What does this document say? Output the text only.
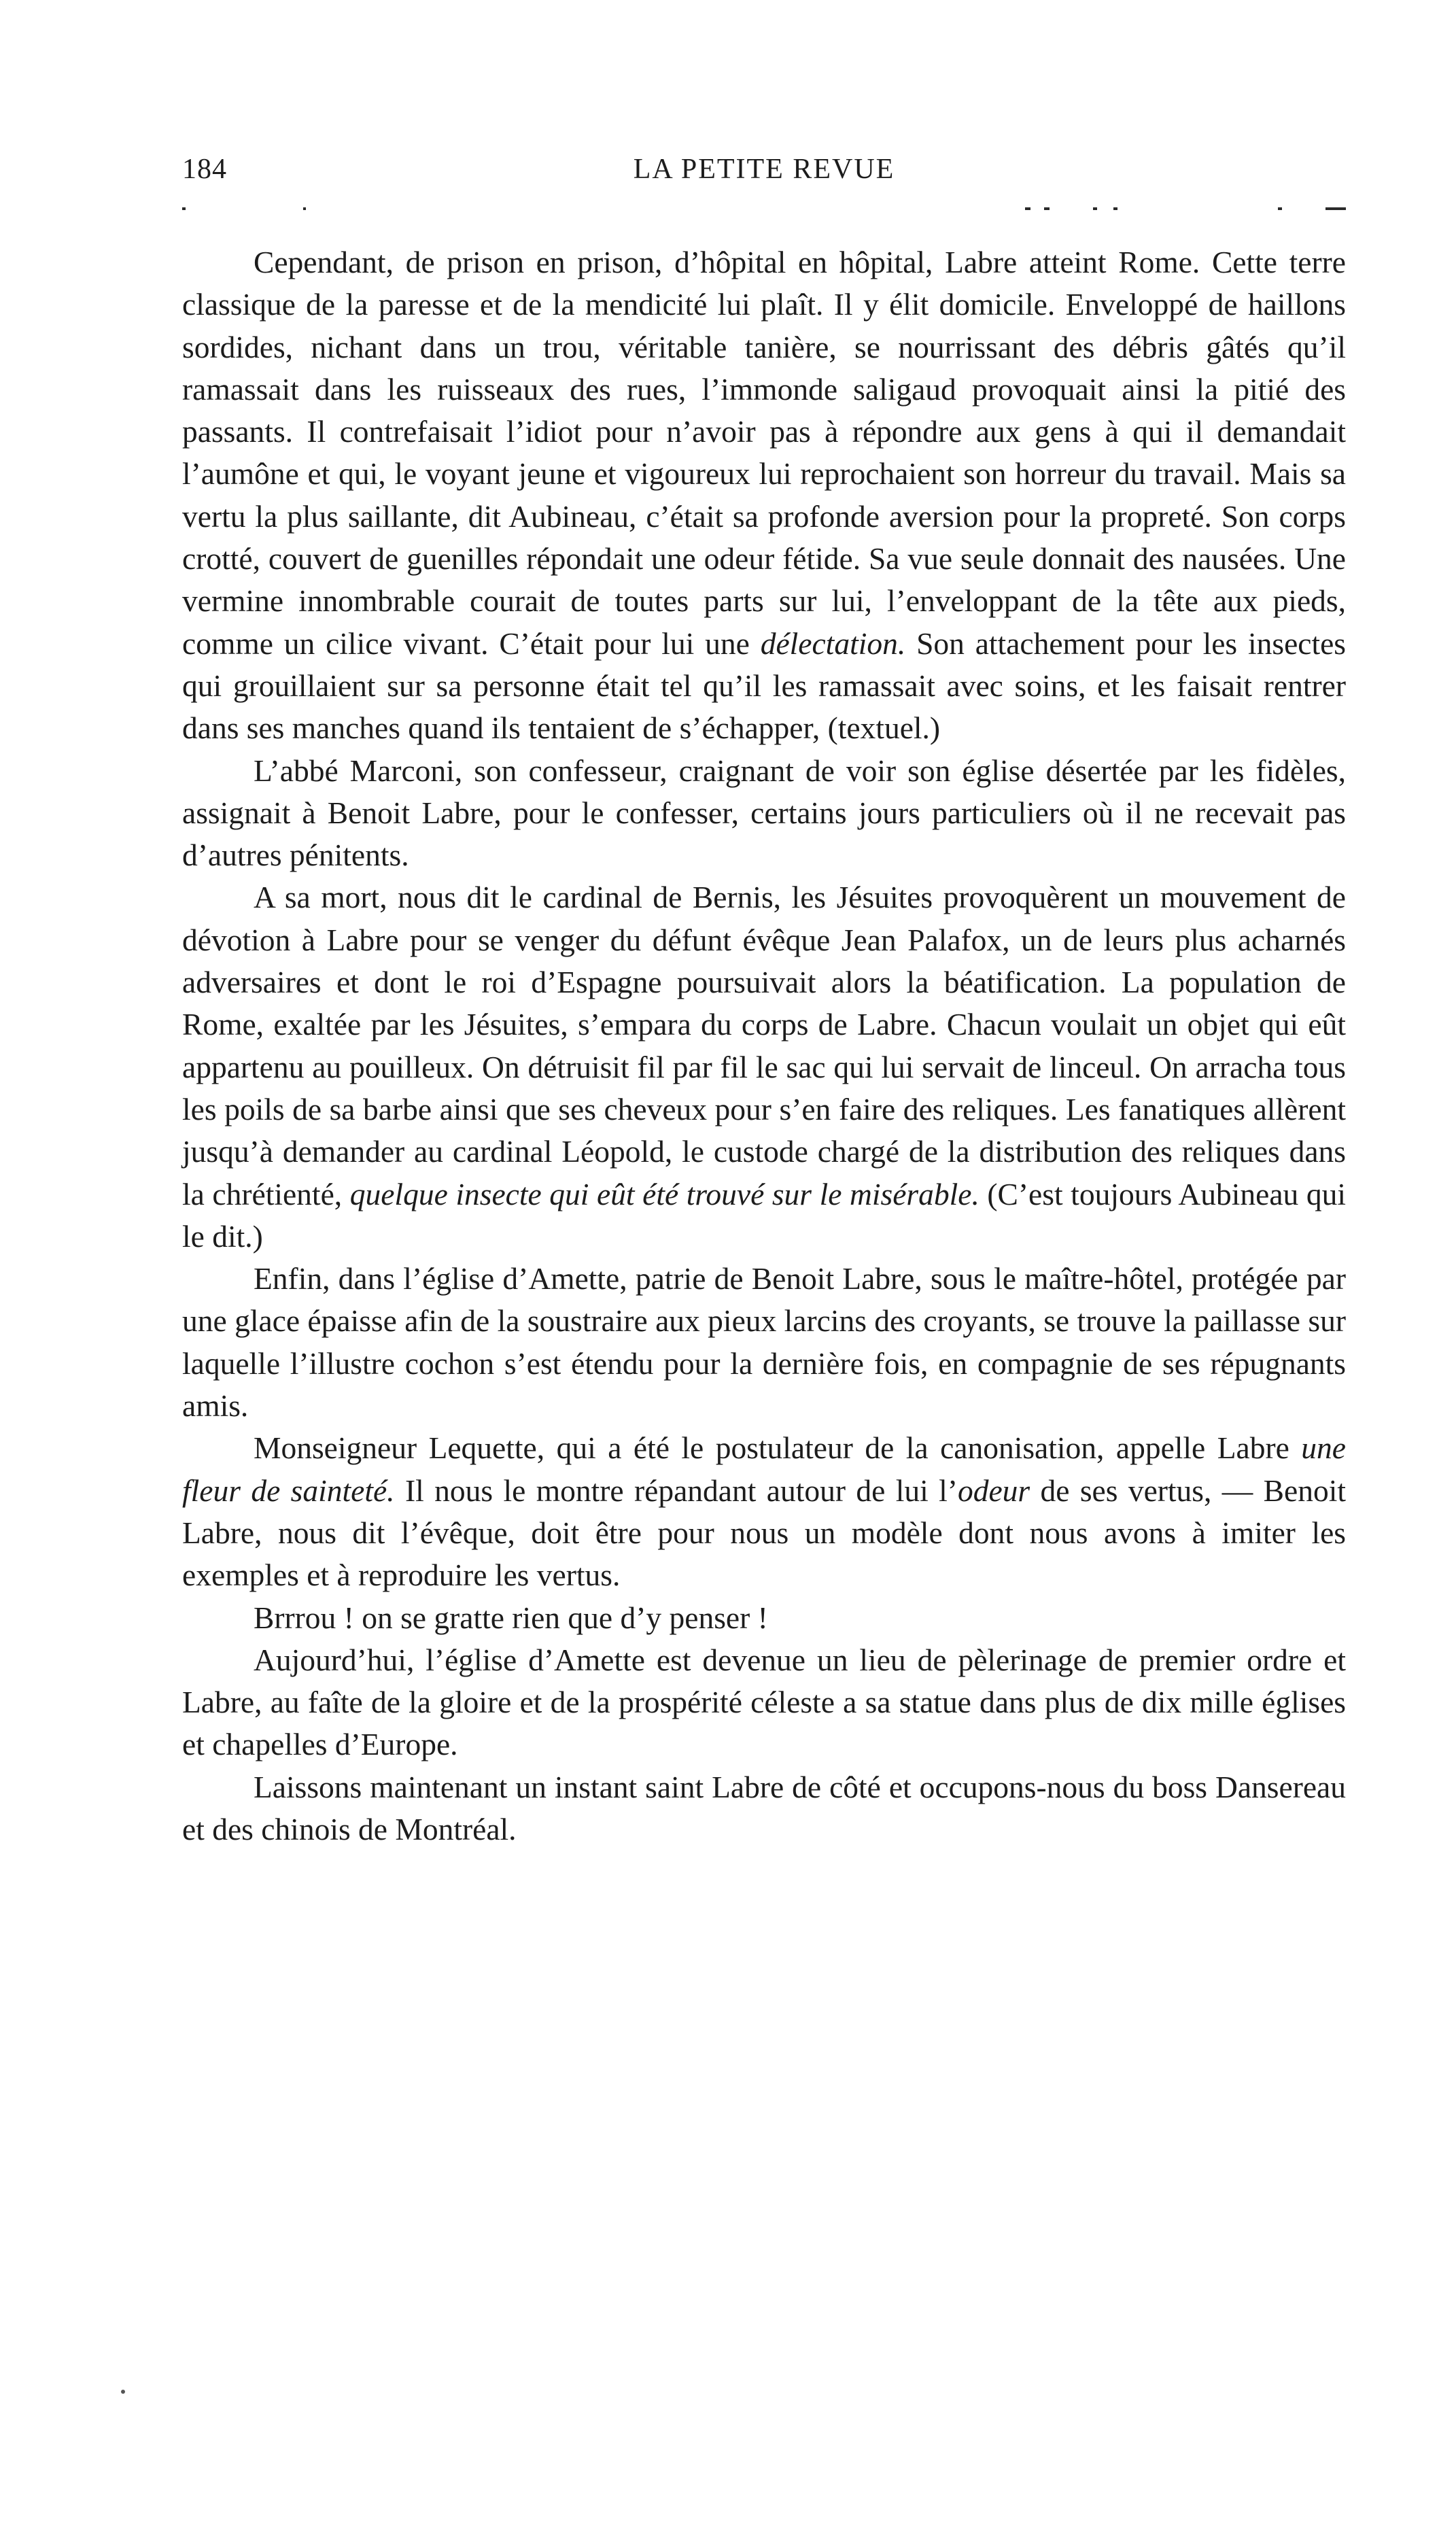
184	LA PETITE REVUE

Cependant, de prison en prison, d’hôpital en hôpital, Labre atteint Rome. Cette terre classique de la paresse et de la mendicité lui plaît. Il y élit domicile. Enveloppé de haillons sordides, nichant dans un trou, véritable tanière, se nourrissant des débris gâtés qu’il ramassait dans les ruisseaux des rues, l’immonde saligaud provoquait ainsi la pitié des passants. Il contrefaisait l’idiot pour n’avoir pas à répondre aux gens à qui il demandait l’aumône et qui, le voyant jeune et vigoureux lui reprochaient son horreur du travail. Mais sa vertu la plus saillante, dit Aubineau, c’était sa profonde aversion pour la propreté. Son corps crotté, couvert de guenilles répondait une odeur fétide. Sa vue seule donnait des nausées. Une vermine innombrable courait de toutes parts sur lui, l’enveloppant de la tête aux pieds, comme un cilice vivant. C’était pour lui une délectation. Son attachement pour les insectes qui grouillaient sur sa personne était tel qu’il les ramassait avec soins, et les faisait rentrer dans ses manches quand ils tentaient de s’échapper, (textuel.)

L’abbé Marconi, son confesseur, craignant de voir son église désertée par les fidèles, assignait à Benoit Labre, pour le confesser, certains jours particuliers où il ne recevait pas d’autres pénitents.

A sa mort, nous dit le cardinal de Bernis, les Jésuites provoquèrent un mouvement de dévotion à Labre pour se venger du défunt évêque Jean Palafox, un de leurs plus acharnés adversaires et dont le roi d’Espagne poursuivait alors la béatification. La population de Rome, exaltée par les Jésuites, s’empara du corps de Labre. Chacun voulait un objet qui eût appartenu au pouilleux. On détruisit fil par fil le sac qui lui servait de linceul. On arracha tous les poils de sa barbe ainsi que ses cheveux pour s’en faire des reliques. Les fanatiques allèrent jusqu’à demander au cardinal Léopold, le custode chargé de la distribution des reliques dans la chrétienté, quelque insecte qui eût été trouvé sur le misérable. (C’est toujours Aubineau qui le dit.)

Enfin, dans l’église d’Amette, patrie de Benoit Labre, sous le maître-hôtel, protégée par une glace épaisse afin de la soustraire aux pieux larcins des croyants, se trouve la paillasse sur laquelle l’illustre cochon s’est étendu pour la dernière fois, en compagnie de ses répugnants amis.

Monseigneur Lequette, qui a été le postulateur de la canonisation, appelle Labre une fleur de sainteté. Il nous le montre répandant autour de lui l’odeur de ses vertus, — Benoit Labre, nous dit l’évêque, doit être pour nous un modèle dont nous avons à imiter les exemples et à reproduire les vertus.

Brrrou ! on se gratte rien que d’y penser !

Aujourd’hui, l’église d’Amette est devenue un lieu de pèlerinage de premier ordre et Labre, au faîte de la gloire et de la prospérité céleste a sa statue dans plus de dix mille églises et chapelles d’Europe.

Laissons maintenant un instant saint Labre de côté et occupons-nous du boss Dansereau et des chinois de Montréal.
